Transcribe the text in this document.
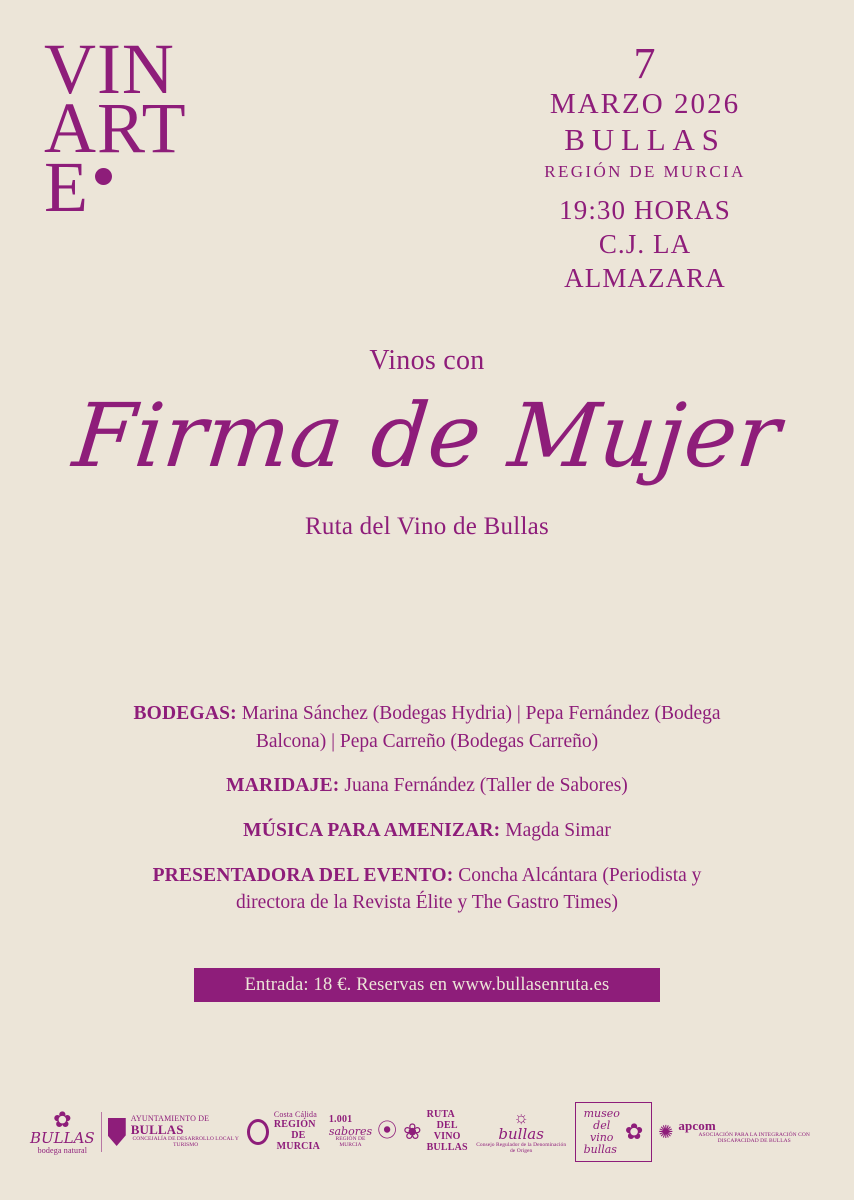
VIN
ART
E
7
MARZO 2026
BULLAS
REGIÓN DE MURCIA
19:30 HORAS
C.J. LA
ALMAZARA
Vinos con
Firma de Mujer
Ruta del Vino de Bullas
BODEGAS: Marina Sánchez (Bodegas Hydria) | Pepa Fernández (Bodega Balcona) | Pepa Carreño (Bodegas Carreño)
MARIDAJE: Juana Fernández (Taller de Sabores)
MÚSICA PARA AMENIZAR: Magda Simar
PRESENTADORA DEL EVENTO: Concha Alcántara (Periodista y directora de la Revista Élite y The Gastro Times)
Entrada: 18 €. Reservas en www.bullasenruta.es
✿
BULLAS
bodega natural
AYUNTAMIENTO DE
BULLAS
CONCEJALÍA DE DESARROLLO LOCAL Y TURISMO
Costa Cálida
REGIÓN
DE MURCIA
1.001
sabores
REGIÓN DE MURCIA
⦿ ❀
RUTA
DEL VINO
BULLAS
☼
bullas
Consejo Regulador de la Denominación de Origen
museo
del vino
bullas
✿ ✺ apcom
ASOCIACIÓN PARA LA INTEGRACIÓN CON DISCAPACIDAD DE BULLAS
